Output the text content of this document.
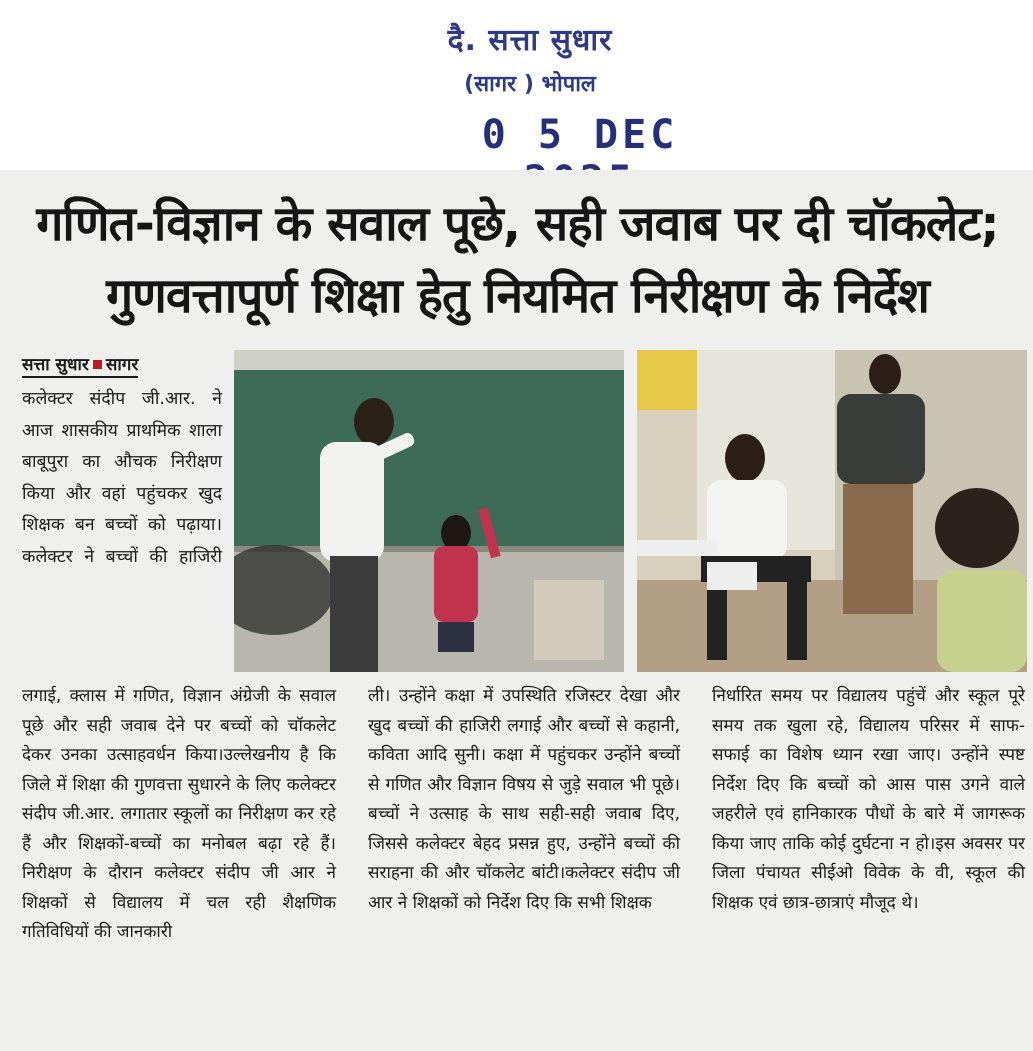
दै. सत्ता सुधार
(सागर ) भोपाल
0 5 DEC
गणित-विज्ञान के सवाल पूछे, सही जवाब पर दी चॉकलेट;
गुणवत्तापूर्ण शिक्षा हेतु नियमित निरीक्षण के निर्देश
सत्ता सुधार सागर

कलेक्टर संदीप जी.आर. ने आज शासकीय प्राथमिक शाला बाबूपुरा का औचक निरीक्षण किया और वहां पहुंचकर खुद शिक्षक बन बच्चों को पढ़ाया। कलेक्टर ने बच्चों की हाजिरी

लगाई, क्लास में गणित, विज्ञान अंग्रेजी के सवाल पूछे और सही जवाब देने पर बच्चों को चॉकलेट देकर उनका उत्साहवर्धन किया।उल्लेखनीय है कि जिले में शिक्षा की गुणवत्ता सुधारने के लिए कलेक्टर संदीप जी.आर. लगातार स्कूलों का निरीक्षण कर रहे हैं और शिक्षकों-बच्चों का मनोबल बढ़ा रहे हैं।निरीक्षण के दौरान कलेक्टर संदीप जी आर ने शिक्षकों से विद्यालय में चल रही शैक्षणिक गतिविधियों की जानकारी

ली। उन्होंने कक्षा में उपस्थिति रजिस्टर देखा और खुद बच्चों की हाजिरी लगाई और बच्चों से कहानी, कविता आदि सुनी। कक्षा में पहुंचकर उन्होंने बच्चों से गणित और विज्ञान विषय से जुड़े सवाल भी पूछे। बच्चों ने उत्साह के साथ सही-सही जवाब दिए, जिससे कलेक्टर बेहद प्रसन्न हुए, उन्होंने बच्चों की सराहना की और चॉकलेट बांटी।कलेक्टर संदीप जी आर ने शिक्षकों को निर्देश दिए कि सभी शिक्षक

निर्धारित समय पर विद्यालय पहुंचें और स्कूल पूरे समय तक खुला रहे, विद्यालय परिसर में साफ-सफाई का विशेष ध्यान रखा जाए। उन्होंने स्पष्ट निर्देश दिए कि बच्चों को आस पास उगने वाले जहरीले एवं हानिकारक पौधों के बारे में जागरूक किया जाए ताकि कोई दुर्घटना न हो।इस अवसर पर जिला पंचायत सीईओ विवेक के वी, स्कूल की शिक्षक एवं छात्र-छात्राएं मौजूद थे।
